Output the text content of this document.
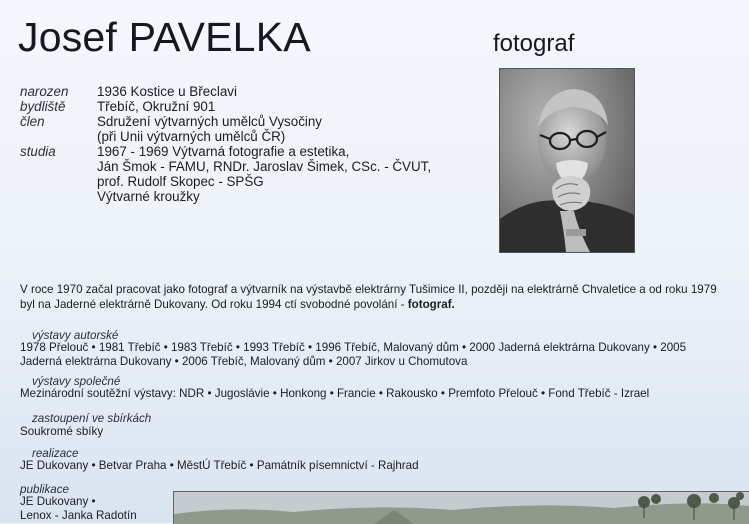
Josef PAVELKA	fotograf
narozen	1936 Kostice u Břeclavi
bydliště	Třebíč, Okružní 901
člen	Sdružení výtvarných umělců Vysočiny
(při Unii výtvarných umělců ČR)
studia	1967 - 1969 Výtvarná fotografie a estetika,
Ján Šmok - FAMU, RNDr. Jaroslav Šimek, CSc. - ČVUT,
prof. Rudolf Skopec - SPŠG
Výtvarné kroužky
V roce 1970 začal pracovat jako fotograf a výtvarník na výstavbě elektrárny Tušimice II, později na elektrárně Chvaletice a od roku 1979 byl na Jaderné elektrárně Dukovany. Od roku 1994 ctí svobodné povolání - fotograf.
výstavy autorské
1978 Přelouč • 1981 Třebíč • 1983 Třebíč • 1993 Třebíč • 1996 Třebíč, Malovaný dům • 2000 Jaderná elektrárna Dukovany • 2005
Jaderná elektrárna Dukovany • 2006 Třebíč, Malovaný dům • 2007 Jirkov u Chomutova
výstavy společné
Mezinárodní soutěžní výstavy: NDR • Jugoslávie • Honkong • Francie • Rakousko • Premfoto Přelouč • Fond Třebíč - Izrael
zastoupení ve sbírkách
Soukromé sbíky
realizace
JE Dukovany • Betvar Praha • MěstÚ Třebíč • Památník písemnictví - Rajhrad
publikace
JE Dukovany •
Lenox - Janka Radotín
